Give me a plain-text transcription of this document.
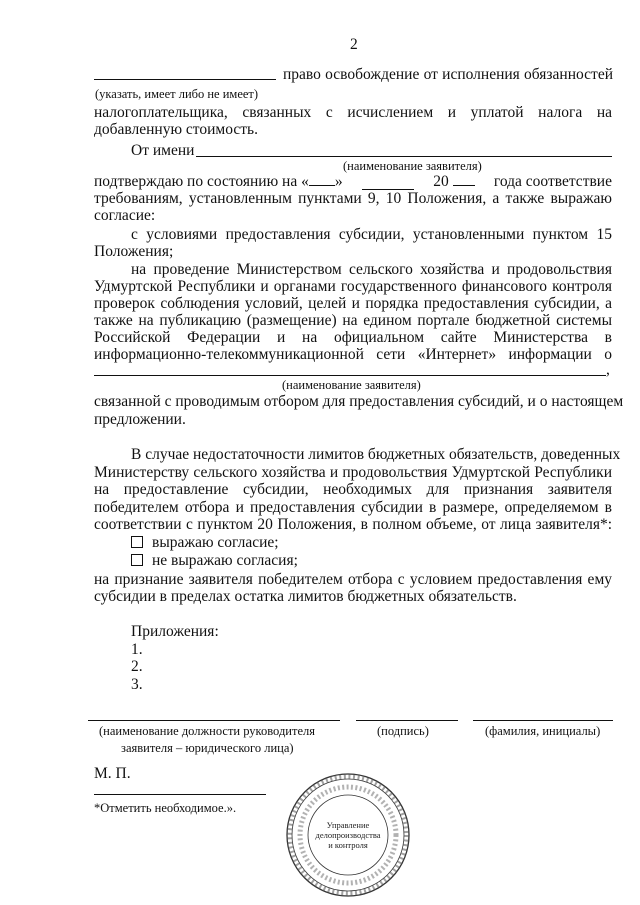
2
право освобождение от исполнения обязанностей
(указать, имеет либо не имеет)
налогоплательщика, связанных с исчислением и уплатой налога на
добавленную стоимость.
От имени
(наименование заявителя)
подтверждаю по состоянию на « »	20	года соответствие
требованиям, установленным пунктами 9, 10 Положения, а также выражаю
согласие:
с условиями предоставления субсидии, установленными пунктом 15
Положения;
на проведение Министерством сельского хозяйства и продовольствия
Удмуртской Республики и органами государственного финансового контроля
проверок соблюдения условий, целей и порядка предоставления субсидии, а
также на публикацию (размещение) на едином портале бюджетной системы
Российской Федерации и на официальном сайте Министерства в
информационно-телекоммуникационной сети «Интернет» информации о
,
(наименование заявителя)
связанной с проводимым отбором для предоставления субсидий, и о настоящем
предложении.
В случае недостаточности лимитов бюджетных обязательств, доведенных
Министерству сельского хозяйства и продовольствия Удмуртской Республики
на предоставление субсидии, необходимых для признания заявителя
победителем отбора и предоставления субсидии в размере, определяемом в
соответствии с пунктом 20 Положения, в полном объеме, от лица заявителя*:
выражаю согласие;
не выражаю согласия;
на признание заявителя победителем отбора с условием предоставления ему
субсидии в пределах остатка лимитов бюджетных обязательств.
Приложения:
1.
2.
3.
(наименование должности руководителя
заявителя – юридического лица)
(подпись)	(фамилия, инициалы)
М. П.
*Отметить необходимое.».
Управление
делопроизводства
и контроля
